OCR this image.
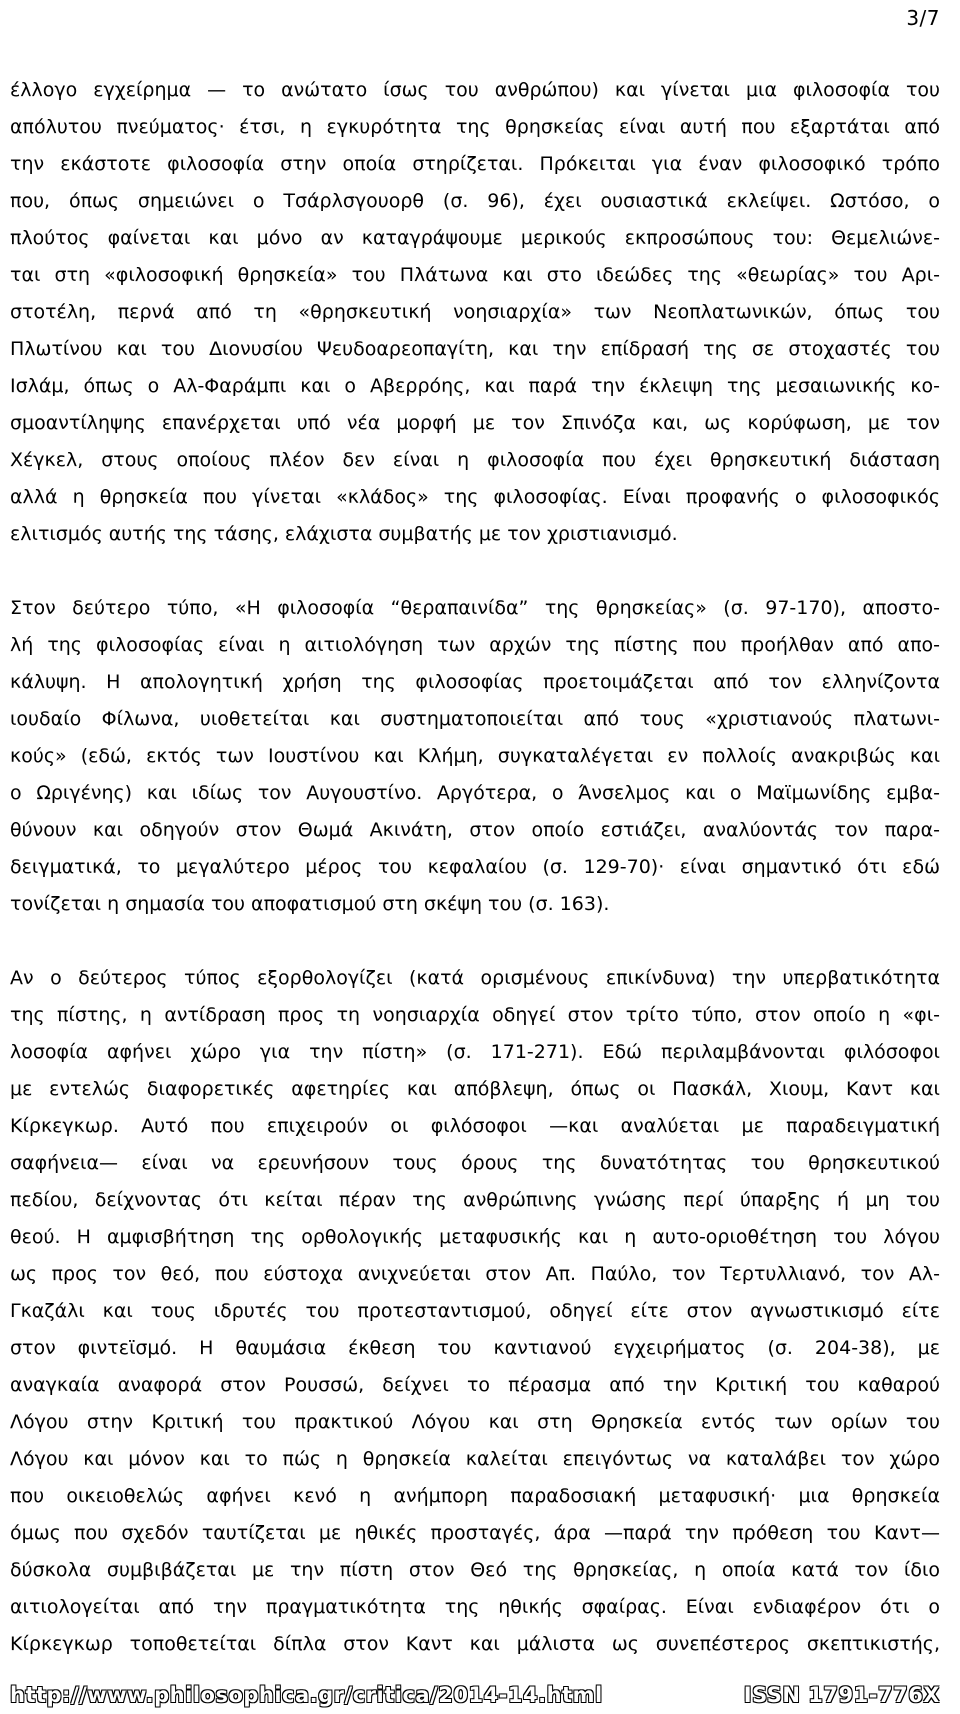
3/7
έλλογο εγχείρημα — το ανώτατο ίσως του ανθρώπου) και γίνεται μια φιλοσοφία του
απόλυτου πνεύματος· έτσι, η εγκυρότητα της θρησκείας είναι αυτή που εξαρτάται από
την εκάστοτε φιλοσοφία στην οποία στηρίζεται. Πρόκειται για έναν φιλοσοφικό τρόπο
που, όπως σημειώνει ο Τσάρλσγουορθ (σ. 96), έχει ουσιαστικά εκλείψει. Ωστόσο, ο
πλούτος φαίνεται και μόνο αν καταγράψουμε μερικούς εκπροσώπους του: Θεμελιώνε-
ται στη «φιλοσοφική θρησκεία» του Πλάτωνα και στο ιδεώδες της «θεωρίας» του Αρι-
στοτέλη, περνά από τη «θρησκευτική νοησιαρχία» των Νεοπλατωνικών, όπως του
Πλωτίνου και του Διονυσίου Ψευδοαρεοπαγίτη, και την επίδρασή της σε στοχαστές του
Ισλάμ, όπως ο Αλ-Φαράμπι και ο Αβερρόης, και παρά την έκλειψη της μεσαιωνικής κο-
σμοαντίληψης επανέρχεται υπό νέα μορφή με τον Σπινόζα και, ως κορύφωση, με τον
Χέγκελ, στους οποίους πλέον δεν είναι η φιλοσοφία που έχει θρησκευτική διάσταση
αλλά η θρησκεία που γίνεται «κλάδος» της φιλοσοφίας. Είναι προφανής ο φιλοσοφικός
ελιτισμός αυτής της τάσης, ελάχιστα συμβατής με τον χριστιανισμό.
Στον δεύτερο τύπο, «Η φιλοσοφία “θεραπαινίδα” της θρησκείας» (σ. 97-170), αποστο-
λή της φιλοσοφίας είναι η αιτιολόγηση των αρχών της πίστης που προήλθαν από απο-
κάλυψη. Η απολογητική χρήση της φιλοσοφίας προετοιμάζεται από τον ελληνίζοντα
ιουδαίο Φίλωνα, υιοθετείται και συστηματοποιείται από τους «χριστιανούς πλατωνι-
κούς» (εδώ, εκτός των Ιουστίνου και Κλήμη, συγκαταλέγεται εν πολλοίς ανακριβώς και
ο Ωριγένης) και ιδίως τον Αυγουστίνο. Αργότερα, ο Άνσελμος και ο Μαϊμωνίδης εμβα-
θύνουν και οδηγούν στον Θωμά Ακινάτη, στον οποίο εστιάζει, αναλύοντάς τον παρα-
δειγματικά, το μεγαλύτερο μέρος του κεφαλαίου (σ. 129-70)· είναι σημαντικό ότι εδώ
τονίζεται η σημασία του αποφατισμού στη σκέψη του (σ. 163).
Αν ο δεύτερος τύπος εξορθολογίζει (κατά ορισμένους επικίνδυνα) την υπερβατικότητα
της πίστης, η αντίδραση προς τη νοησιαρχία οδηγεί στον τρίτο τύπο, στον οποίο η «φι-
λοσοφία αφήνει χώρο για την πίστη» (σ. 171-271). Εδώ περιλαμβάνονται φιλόσοφοι
με εντελώς διαφορετικές αφετηρίες και απόβλεψη, όπως οι Πασκάλ, Χιουμ, Καντ και
Κίρκεγκωρ. Αυτό που επιχειρούν οι φιλόσοφοι —και αναλύεται με παραδειγματική
σαφήνεια— είναι να ερευνήσουν τους όρους της δυνατότητας του θρησκευτικού
πεδίου, δείχνοντας ότι κείται πέραν της ανθρώπινης γνώσης περί ύπαρξης ή μη του
θεού. Η αμφισβήτηση της ορθολογικής μεταφυσικής και η αυτο-οριοθέτηση του λόγου
ως προς τον θεό, που εύστοχα ανιχνεύεται στον Απ. Παύλο, τον Τερτυλλιανό, τον Αλ-
Γκαζάλι και τους ιδρυτές του προτεσταντισμού, οδηγεί είτε στον αγνωστικισμό είτε
στον φιντεϊσμό. Η θαυμάσια έκθεση του καντιανού εγχειρήματος (σ. 204-38), με
αναγκαία αναφορά στον Ρουσσώ, δείχνει το πέρασμα από την Κριτική του καθαρού
Λόγου στην Κριτική του πρακτικού Λόγου και στη Θρησκεία εντός των ορίων του
Λόγου και μόνον και το πώς η θρησκεία καλείται επειγόντως να καταλάβει τον χώρο
που οικειοθελώς αφήνει κενό η ανήμπορη παραδοσιακή μεταφυσική· μια θρησκεία
όμως που σχεδόν ταυτίζεται με ηθικές προσταγές, άρα —παρά την πρόθεση του Καντ—
δύσκολα συμβιβάζεται με την πίστη στον Θεό της θρησκείας, η οποία κατά τον ίδιο
αιτιολογείται από την πραγματικότητα της ηθικής σφαίρας. Είναι ενδιαφέρον ότι ο
Κίρκεγκωρ τοποθετείται δίπλα στον Καντ και μάλιστα ως συνεπέστερος σκεπτικιστής,
http://www.philosophica.gr/critica/2014-14.html	ISSN 1791-776X
